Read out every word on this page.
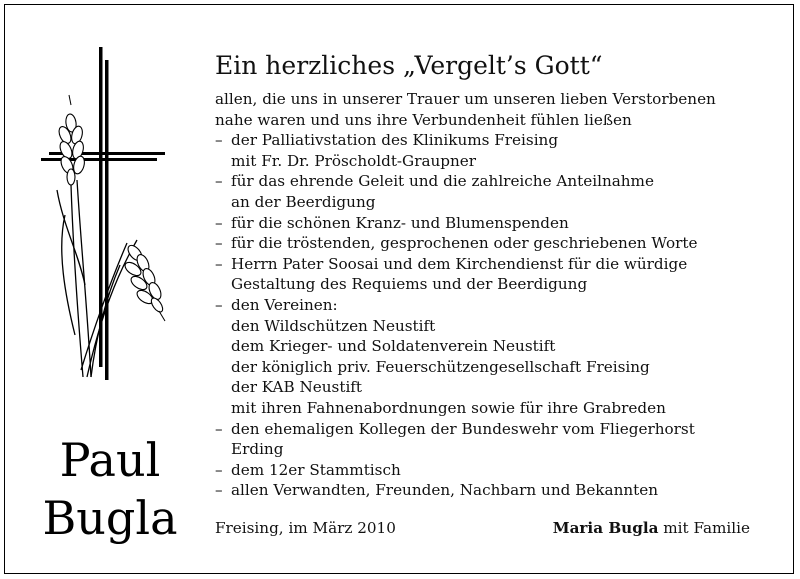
Paul
Bugla
Ein herzliches „Vergelt’s Gott“
allen, die uns in unserer Trauer um unseren lieben Verstorbenen
nahe waren und uns ihre Verbundenheit fühlen ließen
– der Palliativstation des Klinikums Freising
mit Fr. Dr. Pröscholdt-Graupner
– für das ehrende Geleit und die zahlreiche Anteilnahme
an der Beerdigung
– für die schönen Kranz- und Blumenspenden
– für die tröstenden, gesprochenen oder geschriebenen Worte
– Herrn Pater Soosai und dem Kirchendienst für die würdige
Gestaltung des Requiems und der Beerdigung
– den Vereinen:
den Wildschützen Neustift
dem Krieger- und Soldatenverein Neustift
der königlich priv. Feuerschützengesellschaft Freising
der KAB Neustift
mit ihren Fahnenabordnungen sowie für ihre Grabreden
– den ehemaligen Kollegen der Bundeswehr vom Fliegerhorst
Erding
– dem 12er Stammtisch
– allen Verwandten, Freunden, Nachbarn und Bekannten
Freising, im März 2010	Maria Bugla mit Familie
